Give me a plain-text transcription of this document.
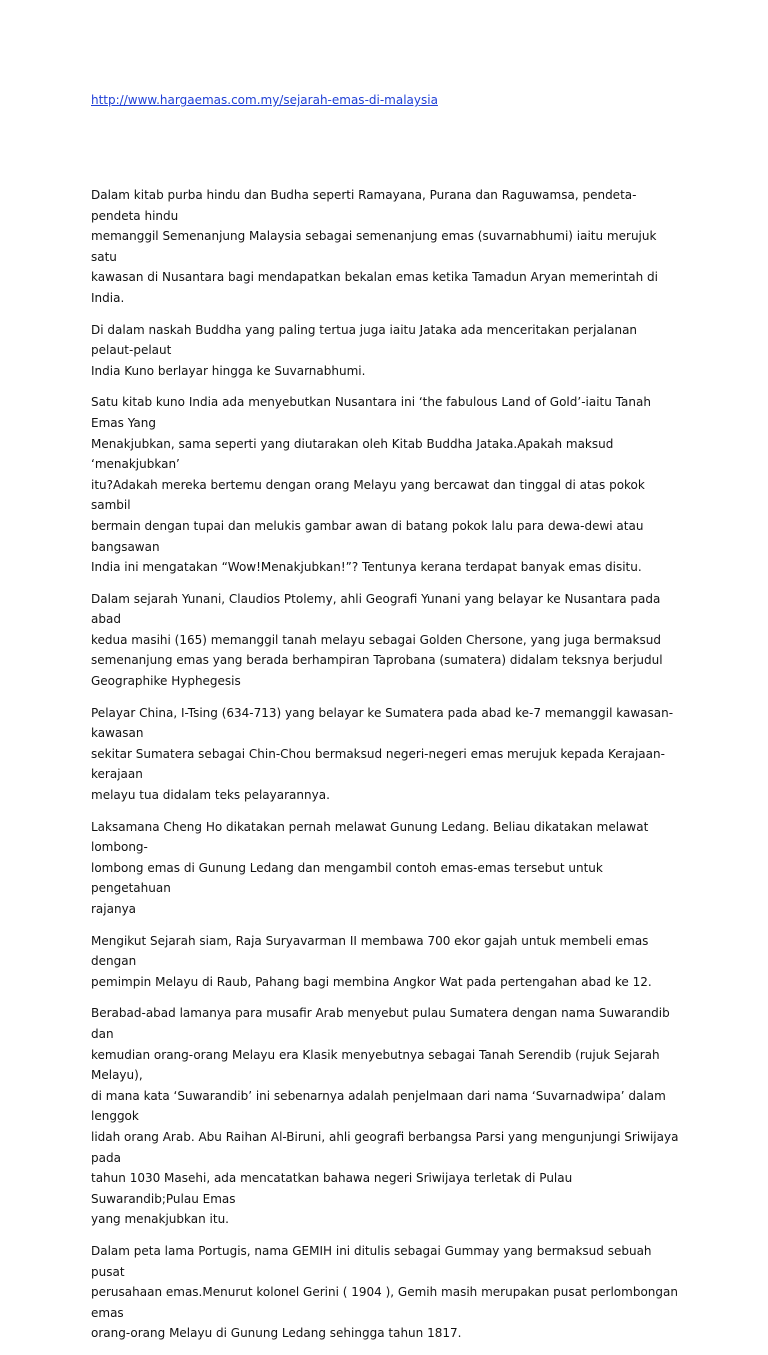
http://www.hargaemas.com.my/sejarah-emas-di-malaysia

Dalam kitab purba hindu dan Budha seperti Ramayana, Purana dan Raguwamsa, pendeta-pendeta hindu
memanggil Semenanjung Malaysia sebagai semenanjung emas (suvarnabhumi) iaitu merujuk satu
kawasan di Nusantara bagi mendapatkan bekalan emas ketika Tamadun Aryan memerintah di India.

Di dalam naskah Buddha yang paling tertua juga iaitu Jataka ada menceritakan perjalanan pelaut-pelaut
India Kuno berlayar hingga ke Suvarnabhumi.

Satu kitab kuno India ada menyebutkan Nusantara ini ‘the fabulous Land of Gold’-iaitu Tanah Emas Yang
Menakjubkan, sama seperti yang diutarakan oleh Kitab Buddha Jataka.Apakah maksud ‘menakjubkan’
itu?Adakah mereka bertemu dengan orang Melayu yang bercawat dan tinggal di atas pokok sambil
bermain dengan tupai dan melukis gambar awan di batang pokok lalu para dewa-dewi atau bangsawan
India ini mengatakan “Wow!Menakjubkan!”? Tentunya kerana terdapat banyak emas disitu.

Dalam sejarah Yunani, Claudios Ptolemy, ahli Geografi Yunani yang belayar ke Nusantara pada abad
kedua masihi (165) memanggil tanah melayu sebagai Golden Chersone, yang juga bermaksud
semenanjung emas yang berada berhampiran Taprobana (sumatera) didalam teksnya berjudul
Geographike Hyphegesis

Pelayar China, I-Tsing (634-713) yang belayar ke Sumatera pada abad ke-7 memanggil kawasan-kawasan
sekitar Sumatera sebagai Chin-Chou bermaksud negeri-negeri emas merujuk kepada Kerajaan-kerajaan
melayu tua didalam teks pelayarannya.

Laksamana Cheng Ho dikatakan pernah melawat Gunung Ledang. Beliau dikatakan melawat lombong-
lombong emas di Gunung Ledang dan mengambil contoh emas-emas tersebut untuk pengetahuan
rajanya

Mengikut Sejarah siam, Raja Suryavarman II membawa 700 ekor gajah untuk membeli emas dengan
pemimpin Melayu di Raub, Pahang bagi membina Angkor Wat pada pertengahan abad ke 12.

Berabad-abad lamanya para musafir Arab menyebut pulau Sumatera dengan nama Suwarandib dan
kemudian orang-orang Melayu era Klasik menyebutnya sebagai Tanah Serendib (rujuk Sejarah Melayu),
di mana kata ‘Suwarandib’ ini sebenarnya adalah penjelmaan dari nama ‘Suvarnadwipa’ dalam lenggok
lidah orang Arab. Abu Raihan Al-Biruni, ahli geografi berbangsa Parsi yang mengunjungi Sriwijaya pada
tahun 1030 Masehi, ada mencatatkan bahawa negeri Sriwijaya terletak di Pulau Suwarandib;Pulau Emas
yang menakjubkan itu.

Dalam peta lama Portugis, nama GEMIH ini ditulis sebagai Gummay yang bermaksud sebuah pusat
perusahaan emas.Menurut kolonel Gerini ( 1904 ), Gemih masih merupakan pusat perlombongan emas
orang-orang Melayu di Gunung Ledang sehingga tahun 1817.
